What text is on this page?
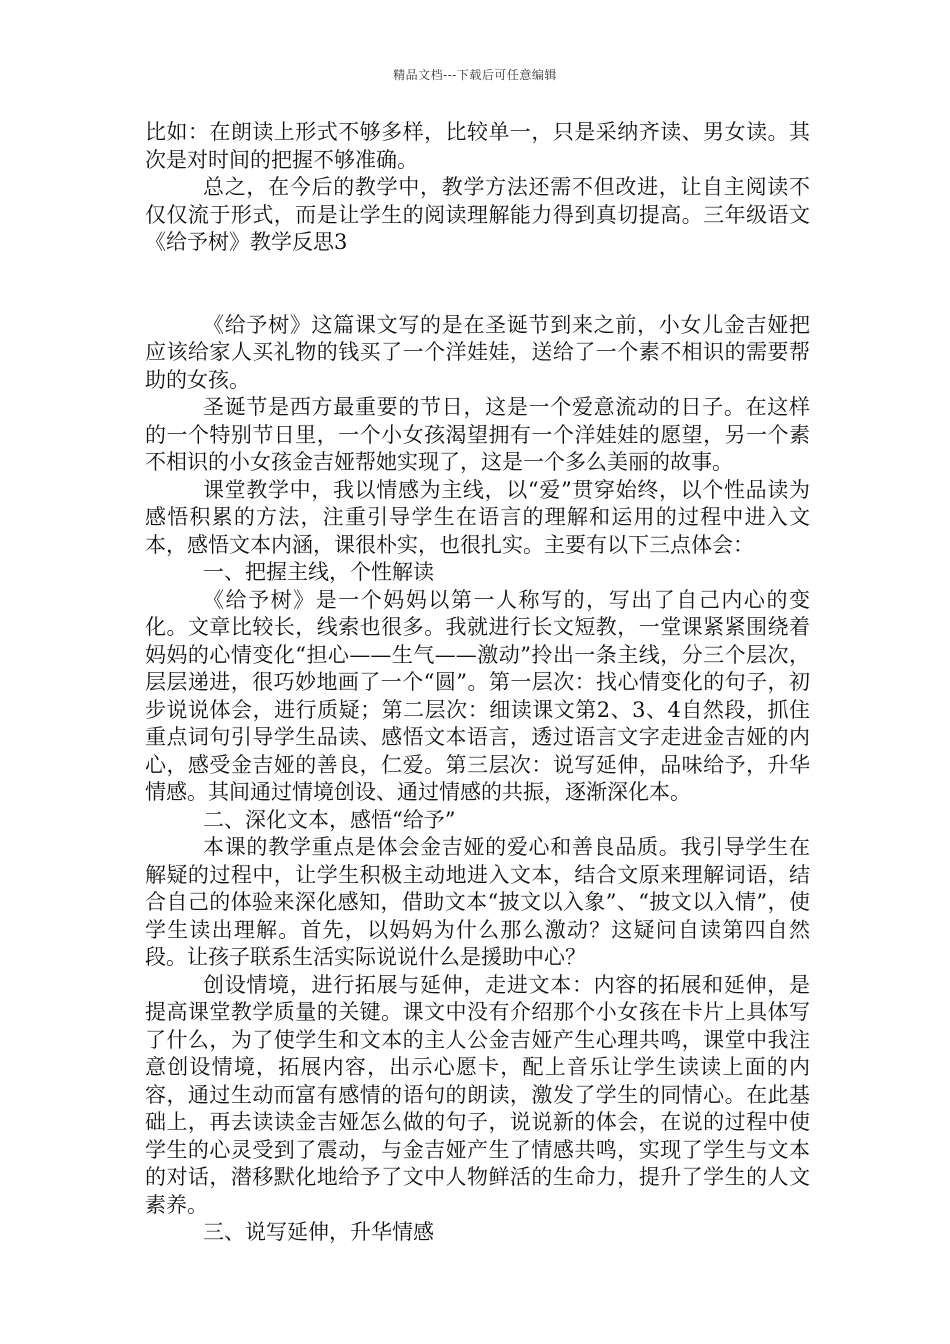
精品文档---下载后可任意编辑

比如：在朗读上形式不够多样，比较单一，只是采纳齐读、男女读。其次是对时间的把握不够准确。

总之，在今后的教学中，教学方法还需不但改进，让自主阅读不仅仅流于形式，而是让学生的阅读理解能力得到真切提高。三年级语文《给予树》教学反思3

《给予树》这篇课文写的是在圣诞节到来之前，小女儿金吉娅把应该给家人买礼物的钱买了一个洋娃娃，送给了一个素不相识的需要帮助的女孩。

圣诞节是西方最重要的节日，这是一个爱意流动的日子。在这样的一个特别节日里，一个小女孩渴望拥有一个洋娃娃的愿望，另一个素不相识的小女孩金吉娅帮她实现了，这是一个多么美丽的故事。

课堂教学中，我以情感为主线，以“爱”贯穿始终，以个性品读为感悟积累的方法，注重引导学生在语言的理解和运用的过程中进入文本，感悟文本内涵，课很朴实，也很扎实。主要有以下三点体会：

一、把握主线，个性解读

《给予树》是一个妈妈以第一人称写的，写出了自己内心的变化。文章比较长，线索也很多。我就进行长文短教，一堂课紧紧围绕着妈妈的心情变化“担心——生气——激动”拎出一条主线，分三个层次，层层递进，很巧妙地画了一个“圆”。第一层次：找心情变化的句子，初步说说体会，进行质疑；第二层次：细读课文第2、3、4自然段，抓住重点词句引导学生品读、感悟文本语言，透过语言文字走进金吉娅的内心，感受金吉娅的善良，仁爱。第三层次：说写延伸，品味给予，升华情感。其间通过情境创设、通过情感的共振，逐渐深化本。

二、深化文本，感悟“给予”

本课的教学重点是体会金吉娅的爱心和善良品质。我引导学生在解疑的过程中，让学生积极主动地进入文本，结合文原来理解词语，结合自己的体验来深化感知，借助文本“披文以入象”、“披文以入情”，使学生读出理解。首先，以妈妈为什么那么激动？这疑问自读第四自然段。让孩子联系生活实际说说什么是援助中心？

创设情境，进行拓展与延伸，走进文本：内容的拓展和延伸，是提高课堂教学质量的关键。课文中没有介绍那个小女孩在卡片上具体写了什么，为了使学生和文本的主人公金吉娅产生心理共鸣，课堂中我注意创设情境，拓展内容，出示心愿卡，配上音乐让学生读读上面的内容，通过生动而富有感情的语句的朗读，激发了学生的同情心。在此基础上，再去读读金吉娅怎么做的句子，说说新的体会，在说的过程中使学生的心灵受到了震动，与金吉娅产生了情感共鸣，实现了学生与文本的对话，潜移默化地给予了文中人物鲜活的生命力，提升了学生的人文素养。

三、说写延伸，升华情感
